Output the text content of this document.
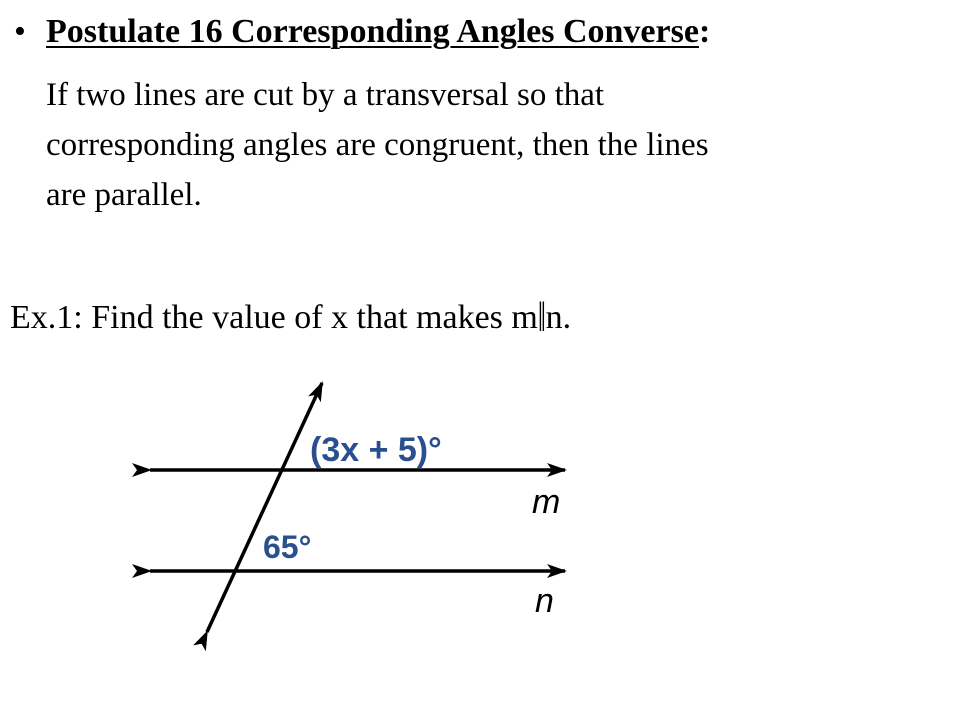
• Postulate 16 Corresponding Angles Converse:
If two lines are cut by a transversal so that
corresponding angles are congruent, then the lines
are parallel.
Ex.1: Find the value of x that makes m‖n.
(3x + 5)°
65°
m
n
